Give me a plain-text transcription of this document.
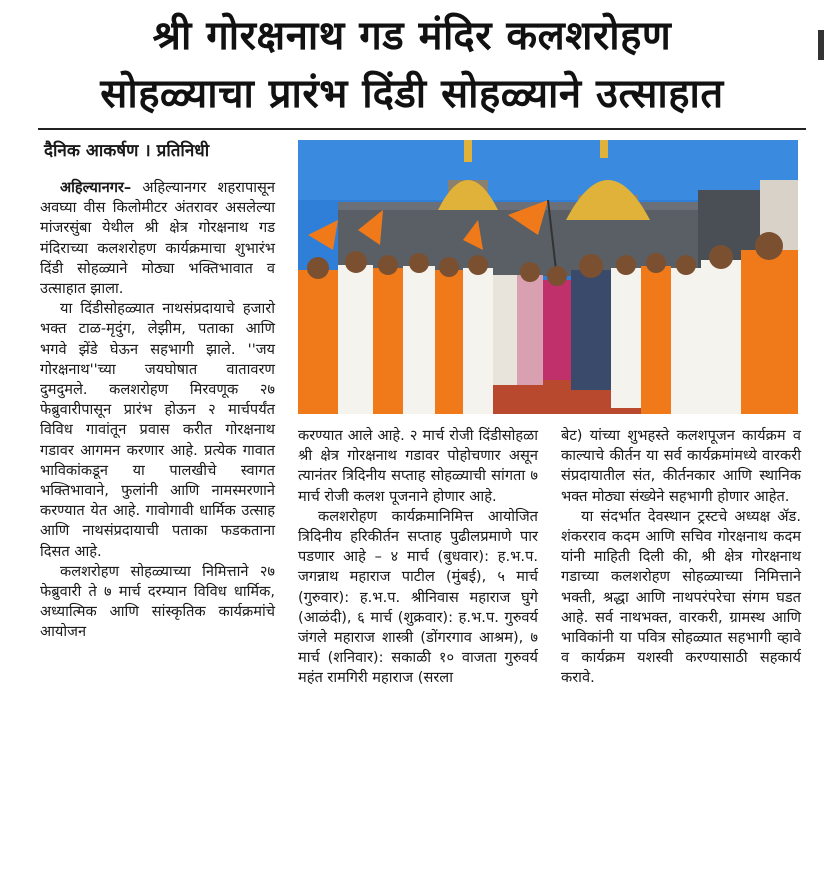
श्री गोरक्षनाथ गड मंदिर कलशरोहण
सोहळ्याचा प्रारंभ दिंडी सोहळ्याने उत्साहात
दैनिक आकर्षण । प्रतिनिधी

अहिल्यानगर– अहिल्यानगर शहरापासून अवघ्या वीस किलोमीटर अंतरावर असलेल्या मांजरसुंबा येथील श्री क्षेत्र गोरक्षनाथ गड मंदिराच्या कलशरोहण कार्यक्रमाचा शुभारंभ दिंडी सोहळ्याने मोठ्या भक्तिभावात व उत्साहात झाला.

या दिंडीसोहळ्यात नाथसंप्रदायाचे हजारो भक्त टाळ-मृदुंग, लेझीम, पताका आणि भगवे झेंडे घेऊन सहभागी झाले. ''जय गोरक्षनाथ''च्या जयघोषात वातावरण दुमदुमले. कलशरोहण मिरवणूक २७ फेब्रुवारीपासून प्रारंभ होऊन २ मार्चपर्यंत विविध गावांतून प्रवास करीत गोरक्षनाथ गडावर आगमन करणार आहे. प्रत्येक गावात भाविकांकडून या पालखीचे स्वागत भक्तिभावाने, फुलांनी आणि नामस्मरणाने करण्यात येत आहे. गावोगावी धार्मिक उत्साह आणि नाथसंप्रदायाची पताका फडकताना दिसत आहे.

कलशरोहण सोहळ्याच्या निमित्ताने २७ फेब्रुवारी ते ७ मार्च दरम्यान विविध धार्मिक, अध्यात्मिक आणि सांस्कृतिक कार्यक्रमांचे आयोजन

करण्यात आले आहे. २ मार्च रोजी दिंडीसोहळा श्री क्षेत्र गोरक्षनाथ गडावर पोहोचणार असून त्यानंतर त्रिदिनीय सप्ताह सोहळ्याची सांगता ७ मार्च रोजी कलश पूजनाने होणार आहे.

कलशरोहण कार्यक्रमानिमित्त आयोजित त्रिदिनीय हरिकीर्तन सप्ताह पुढीलप्रमाणे पार पडणार आहे – ४ मार्च (बुधवार): ह.भ.प. जगन्नाथ महाराज पाटील (मुंबई), ५ मार्च (गुरुवार): ह.भ.प. श्रीनिवास महाराज घुगे (आळंदी), ६ मार्च (शुक्रवार): ह.भ.प. गुरुवर्य जंगले महाराज शास्त्री (डोंगरगाव आश्रम), ७ मार्च (शनिवार): सकाळी १० वाजता गुरुवर्य महंत रामगिरी महाराज (सरला

बेट) यांच्या शुभहस्ते कलशपूजन कार्यक्रम व काल्याचे कीर्तन या सर्व कार्यक्रमांमध्ये वारकरी संप्रदायातील संत, कीर्तनकार आणि स्थानिक भक्त मोठ्या संख्येने सहभागी होणार आहेत.

या संदर्भात देवस्थान ट्रस्टचे अध्यक्ष ॲड. शंकरराव कदम आणि सचिव गोरक्षनाथ कदम यांनी माहिती दिली की, श्री क्षेत्र गोरक्षनाथ गडाच्या कलशरोहण सोहळ्याच्या निमित्ताने भक्ती, श्रद्धा आणि नाथपरंपरेचा संगम घडत आहे. सर्व नाथभक्त, वारकरी, ग्रामस्थ आणि भाविकांनी या पवित्र सोहळ्यात सहभागी व्हावे व कार्यक्रम यशस्वी करण्यासाठी सहकार्य करावे.
